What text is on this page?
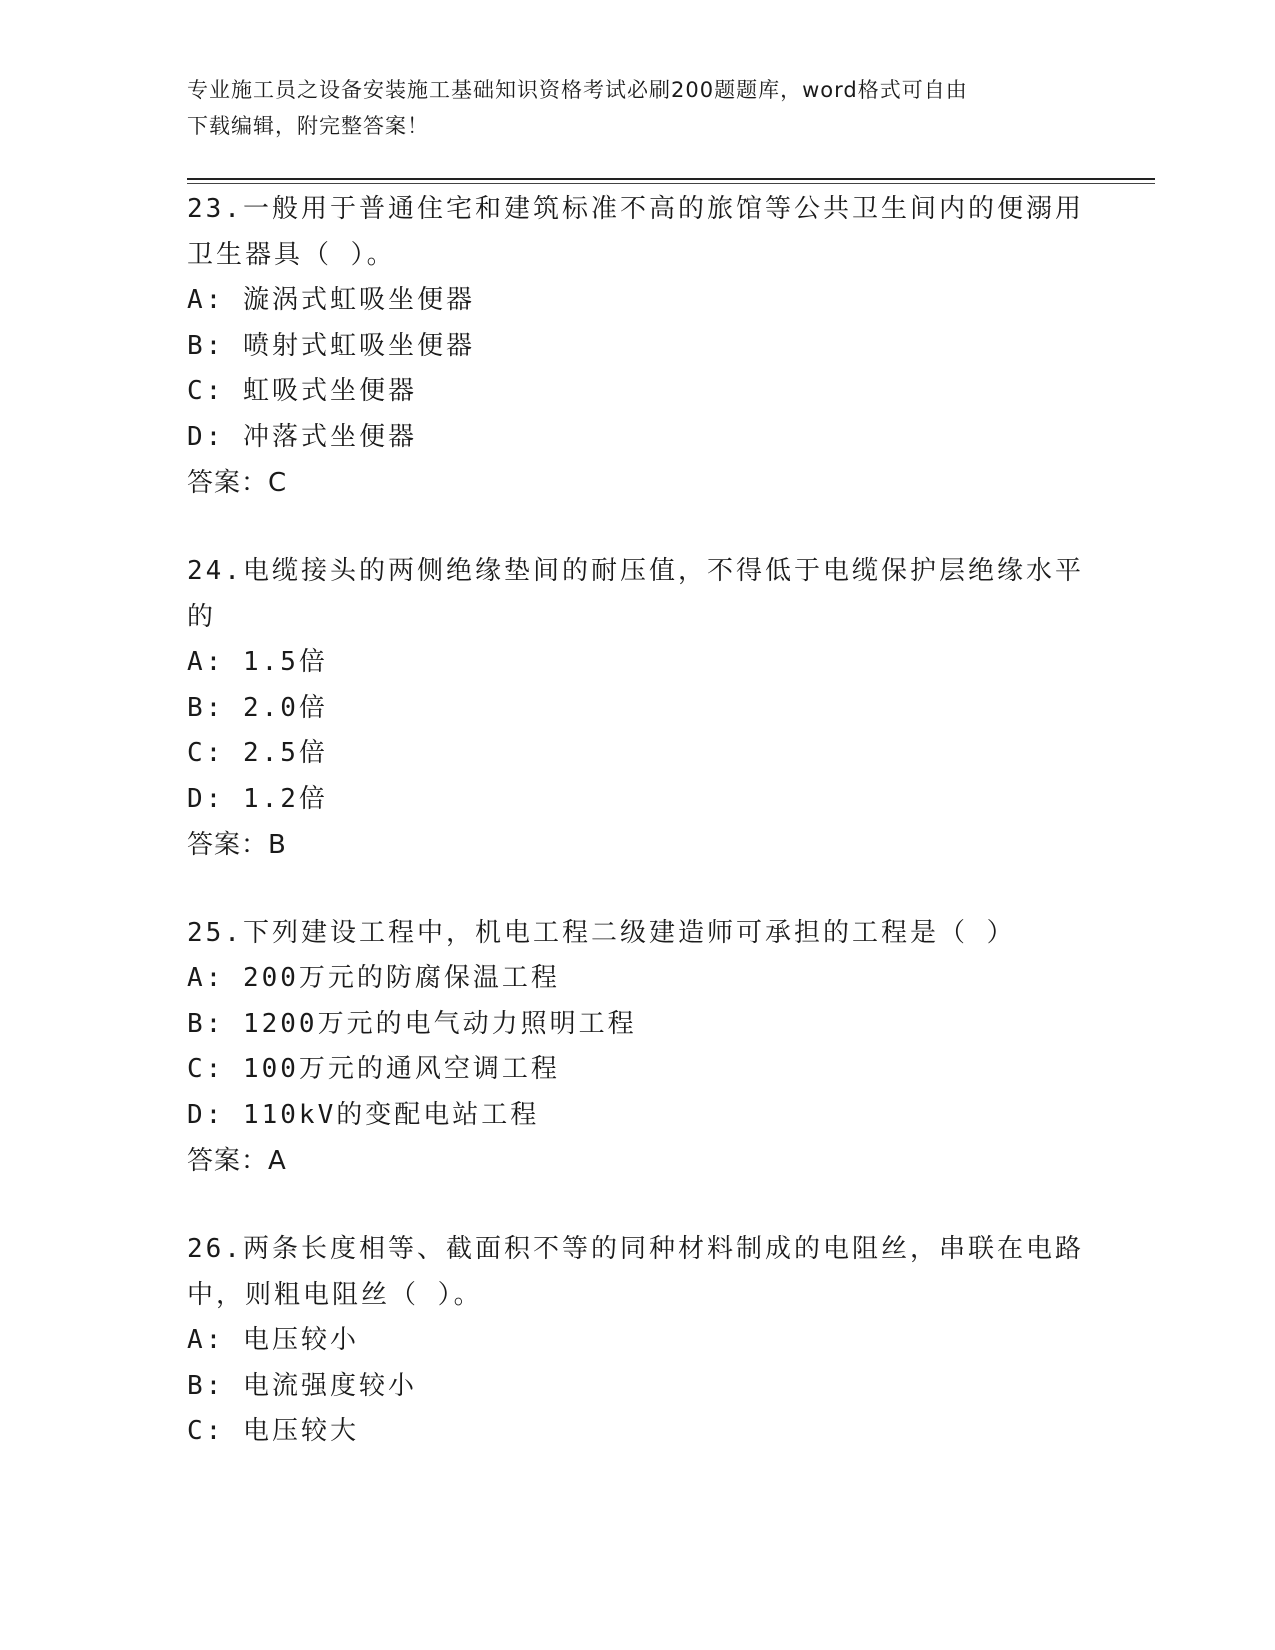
专业施工员之设备安装施工基础知识资格考试必刷200题题库，word格式可自由
下载编辑，附完整答案！

23.一般用于普通住宅和建筑标准不高的旅馆等公共卫生间内的便溺用

卫生器具（ ）。

A: 漩涡式虹吸坐便器

B: 喷射式虹吸坐便器

C: 虹吸式坐便器

D: 冲落式坐便器

答案：C

24.电缆接头的两侧绝缘垫间的耐压值，不得低于电缆保护层绝缘水平

的

A: 1.5倍

B: 2.0倍

C: 2.5倍

D: 1.2倍

答案：B

25.下列建设工程中，机电工程二级建造师可承担的工程是（ ）

A: 200万元的防腐保温工程

B: 1200万元的电气动力照明工程

C: 100万元的通风空调工程

D: 110kV的变配电站工程

答案：A

26.两条长度相等、截面积不等的同种材料制成的电阻丝，串联在电路

中，则粗电阻丝（ ）。

A: 电压较小

B: 电流强度较小

C: 电压较大
